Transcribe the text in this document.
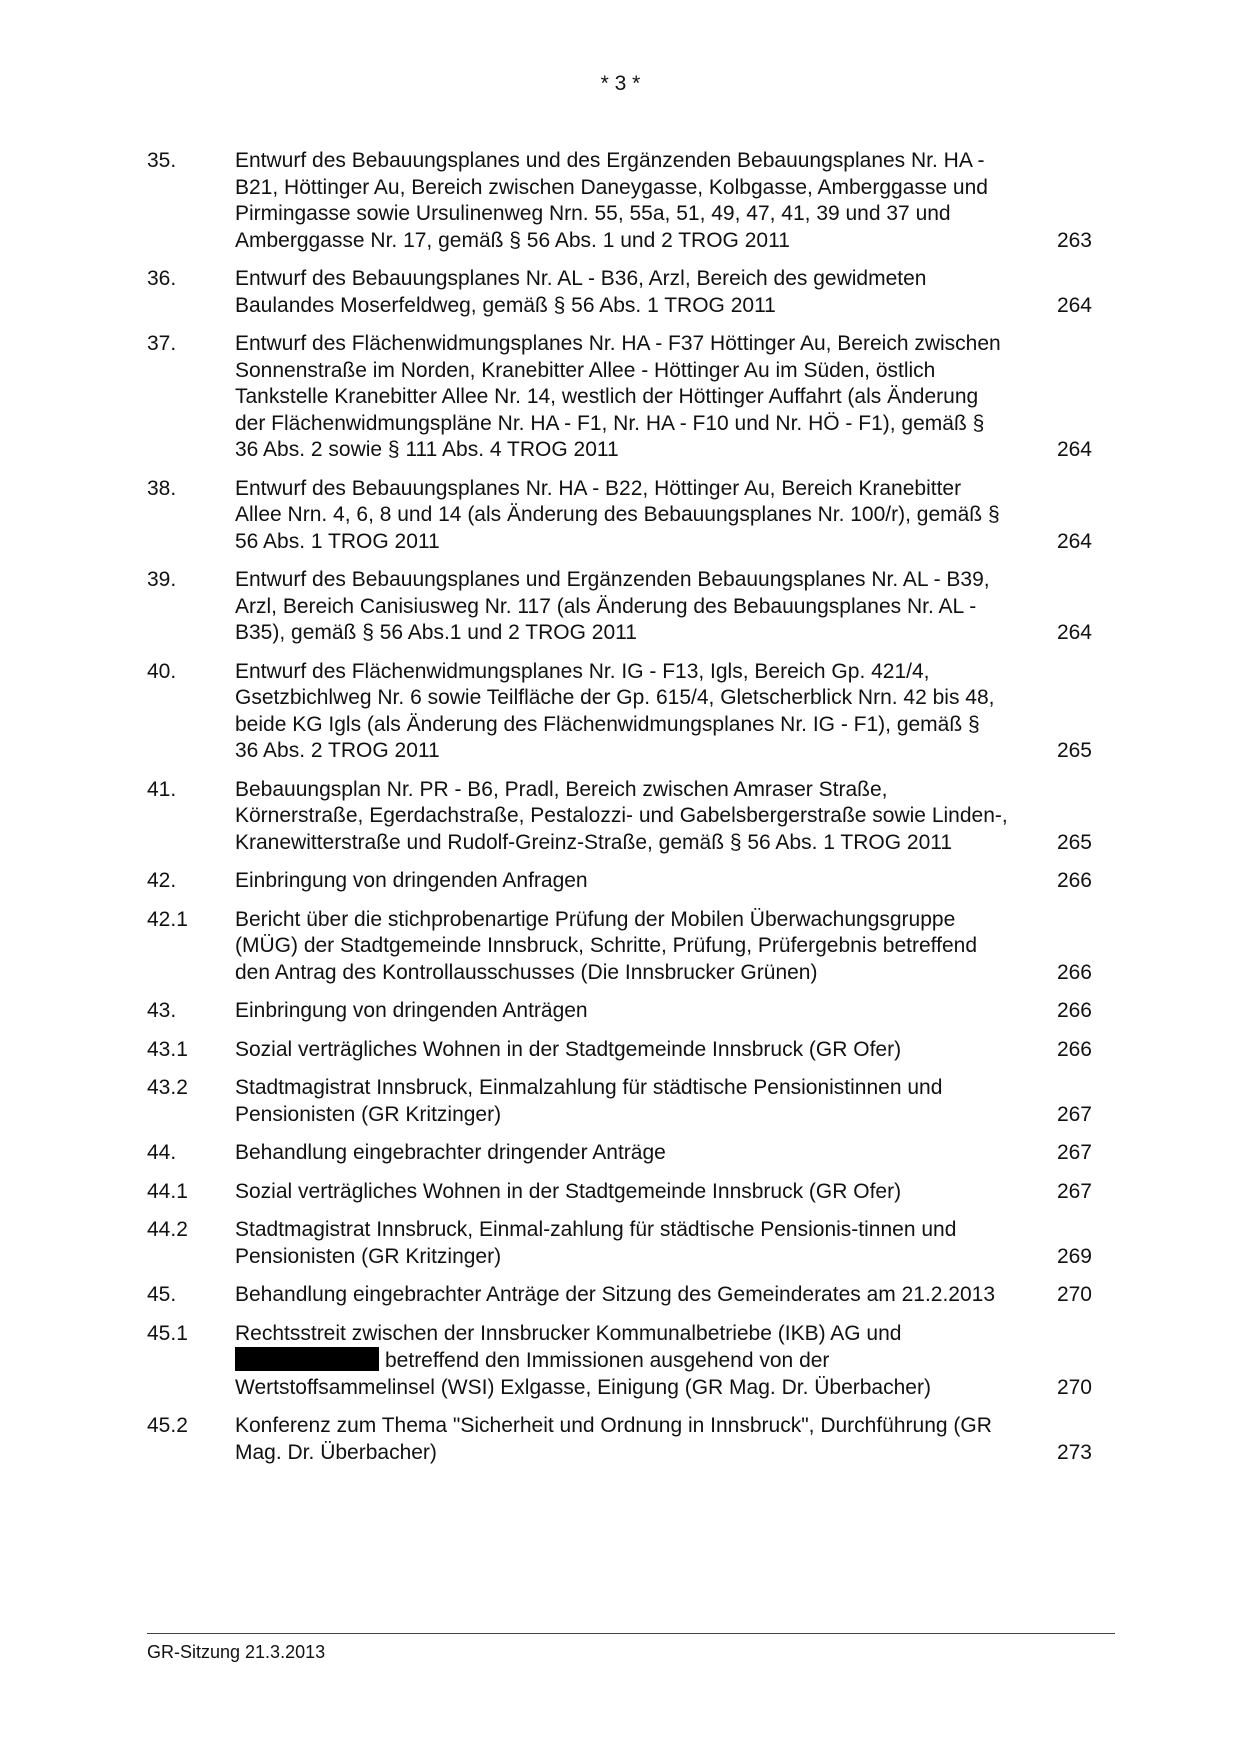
* 3 *
35.	Entwurf des Bebauungsplanes und des Ergänzenden Bebauungsplanes Nr. HA - B21, Höttinger Au, Bereich zwischen Daneygasse, Kolbgasse, Amberggasse und Pirmingasse sowie Ursulinenweg Nrn. 55, 55a, 51, 49, 47, 41, 39 und 37 und Amberggasse Nr. 17, gemäß § 56 Abs. 1 und 2 TROG 2011	263
36.	Entwurf des Bebauungsplanes Nr. AL - B36, Arzl, Bereich des gewidmeten Baulandes Moserfeldweg, gemäß § 56 Abs. 1 TROG 2011	264
37.	Entwurf des Flächenwidmungsplanes Nr. HA - F37 Höttinger Au, Bereich zwischen Sonnenstraße im Norden, Kranebitter Allee - Höttinger Au im Süden, östlich Tankstelle Kranebitter Allee Nr. 14, westlich der Höttinger Auffahrt (als Änderung der Flächenwidmungspläne Nr. HA - F1, Nr. HA - F10 und Nr. HÖ - F1), gemäß § 36 Abs. 2 sowie § 111 Abs. 4 TROG 2011	264
38.	Entwurf des Bebauungsplanes Nr. HA - B22, Höttinger Au, Bereich Kranebitter Allee Nrn. 4, 6, 8 und 14 (als Änderung des Bebauungsplanes Nr. 100/r), gemäß § 56 Abs. 1 TROG 2011	264
39.	Entwurf des Bebauungsplanes und Ergänzenden Bebauungsplanes Nr. AL - B39, Arzl, Bereich Canisiusweg Nr. 117 (als Änderung des Bebauungsplanes Nr. AL - B35), gemäß § 56 Abs.1 und 2 TROG 2011	264
40.	Entwurf des Flächenwidmungsplanes Nr. IG - F13, Igls, Bereich Gp. 421/4, Gsetzbichlweg Nr. 6 sowie Teilfläche der Gp. 615/4, Gletscherblick Nrn. 42 bis 48, beide KG Igls (als Änderung des Flächenwidmungsplanes Nr. IG - F1), gemäß § 36 Abs. 2 TROG 2011	265
41.	Bebauungsplan Nr. PR - B6, Pradl, Bereich zwischen Amraser Straße, Körnerstraße, Egerdachstraße, Pestalozzi- und Gabelsbergerstraße sowie Linden-, Kranewitterstraße und Rudolf-Greinz-Straße, gemäß § 56 Abs. 1 TROG 2011	265
42.	Einbringung von dringenden Anfragen	266
42.1	Bericht über die stichprobenartige Prüfung der Mobilen Überwachungsgruppe (MÜG) der Stadtgemeinde Innsbruck, Schritte, Prüfung, Prüfergebnis betreffend den Antrag des Kontrollausschusses (Die Innsbrucker Grünen)	266
43.	Einbringung von dringenden Anträgen	266
43.1	Sozial verträgliches Wohnen in der Stadtgemeinde Innsbruck (GR Ofer)	266
43.2	Stadtmagistrat Innsbruck, Einmalzahlung für städtische Pensionistinnen und Pensionisten (GR Kritzinger)	267
44.	Behandlung eingebrachter dringender Anträge	267
44.1	Sozial verträgliches Wohnen in der Stadtgemeinde Innsbruck (GR Ofer)	267
44.2	Stadtmagistrat Innsbruck, Einmal-zahlung für städtische Pensionis-tinnen und Pensionisten (GR Kritzinger)	269
45.	Behandlung eingebrachter Anträge der Sitzung des Gemeinderates am 21.2.2013	270
45.1	Rechtsstreit zwischen der Innsbrucker Kommunalbetriebe (IKB) AG und
betreffend den Immissionen ausgehend von der
Wertstoffsammelinsel (WSI) Exlgasse, Einigung (GR Mag. Dr. Überbacher)	270
45.2	Konferenz zum Thema "Sicherheit und Ordnung in Innsbruck", Durchführung (GR Mag. Dr. Überbacher)	273
GR-Sitzung 21.3.2013
